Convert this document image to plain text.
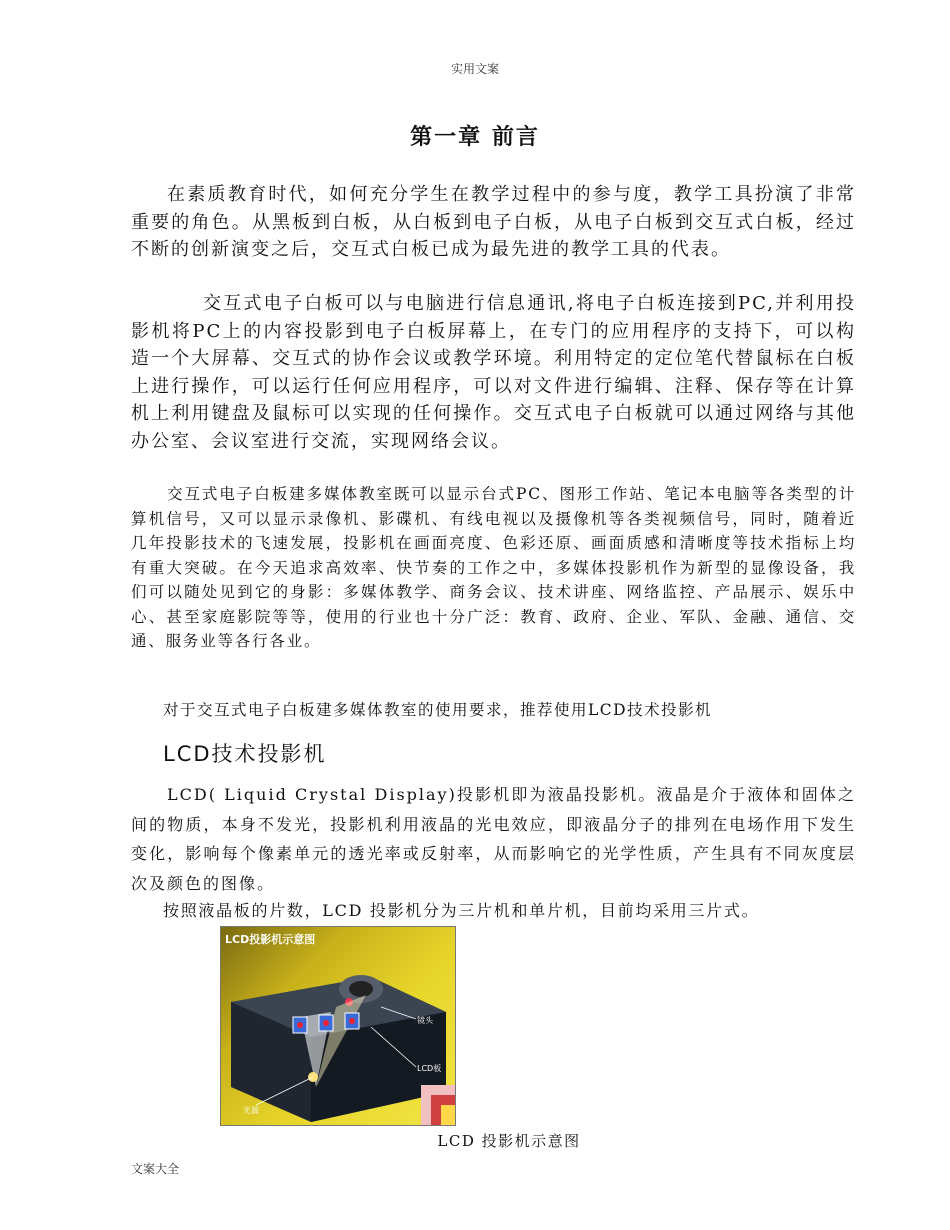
实用文案
第一章 前言
在素质教育时代，如何充分学生在教学过程中的参与度，教学工具扮演了非常重要的角色。从黑板到白板，从白板到电子白板，从电子白板到交互式白板，经过不断的创新演变之后，交互式白板已成为最先进的教学工具的代表。
交互式电子白板可以与电脑进行信息通讯,将电子白板连接到PC,并利用投影机将PC上的内容投影到电子白板屏幕上，在专门的应用程序的支持下，可以构造一个大屏幕、交互式的协作会议或教学环境。利用特定的定位笔代替鼠标在白板上进行操作，可以运行任何应用程序，可以对文件进行编辑、注释、保存等在计算机上利用键盘及鼠标可以实现的任何操作。交互式电子白板就可以通过网络与其他办公室、会议室进行交流，实现网络会议。
交互式电子白板建多媒体教室既可以显示台式PC、图形工作站、笔记本电脑等各类型的计算机信号，又可以显示录像机、影碟机、有线电视以及摄像机等各类视频信号，同时，随着近几年投影技术的飞速发展，投影机在画面亮度、色彩还原、画面质感和清晰度等技术指标上均有重大突破。在今天追求高效率、快节奏的工作之中，多媒体投影机作为新型的显像设备，我们可以随处见到它的身影：多媒体教学、商务会议、技术讲座、网络监控、产品展示、娱乐中心、甚至家庭影院等等，使用的行业也十分广泛：教育、政府、企业、军队、金融、通信、交通、服务业等各行各业。
对于交互式电子白板建多媒体教室的使用要求，推荐使用LCD技术投影机
LCD技术投影机
LCD( Liquid Crystal Display)投影机即为液晶投影机。液晶是介于液体和固体之间的物质，本身不发光，投影机利用液晶的光电效应，即液晶分子的排列在电场作用下发生变化，影响每个像素单元的透光率或反射率，从而影响它的光学性质，产生具有不同灰度层次及颜色的图像。
按照液晶板的片数，LCD 投影机分为三片机和单片机，目前均采用三片式。
LCD投影机示意图
镜头
LCD板
光源
LCD 投影机示意图
文案大全
